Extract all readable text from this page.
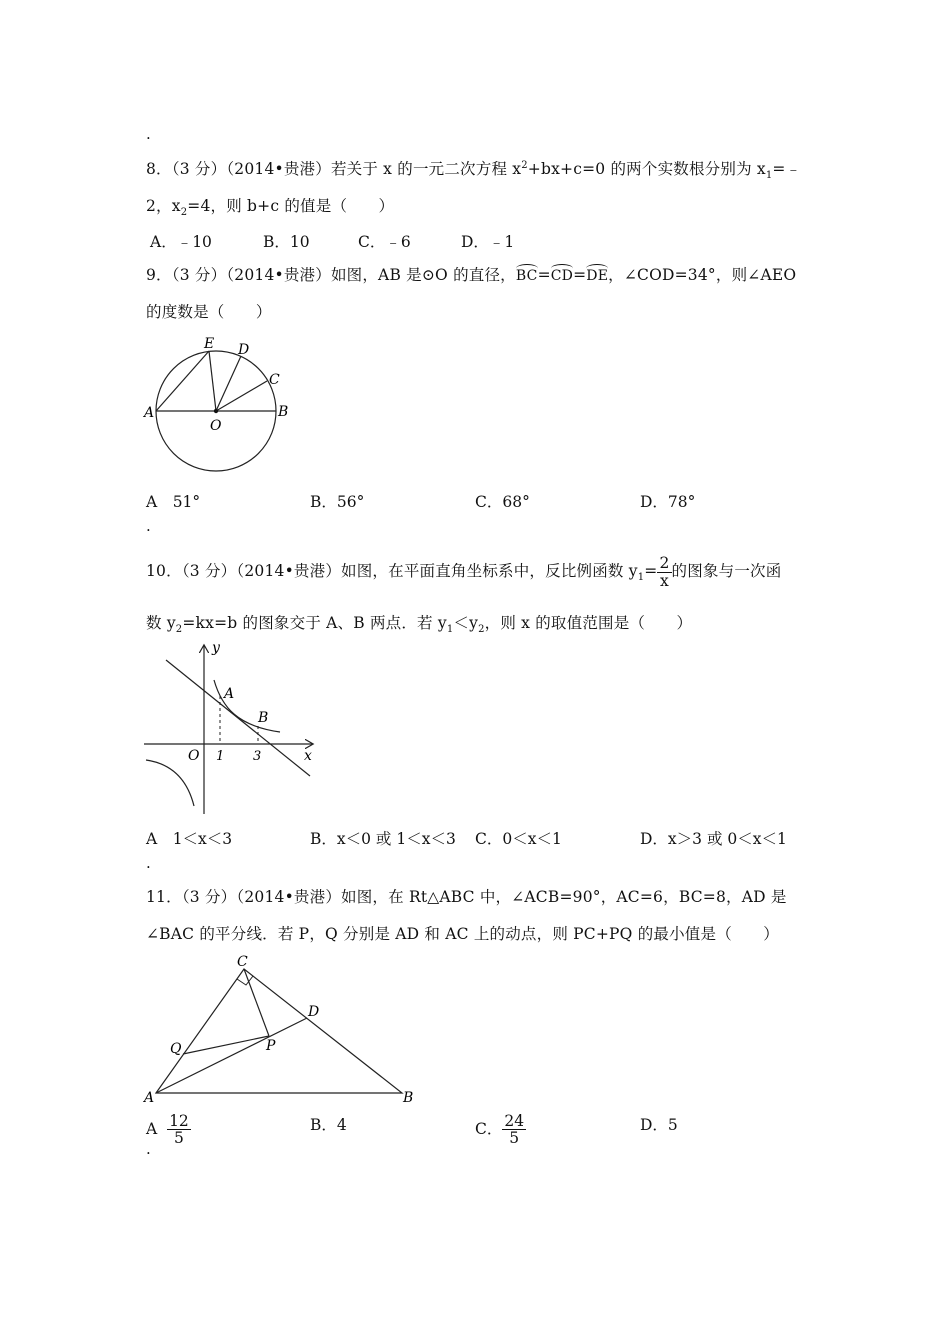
.
8．（3 分）（2014•贵港）若关于 x 的一元二次方程 $x^2+bx+c=0$ 的两个实数根分别为 $x_1=﹣$
2，$x_2=4$，则 b+c 的值是（　　）
A．﹣10	B．10	C．﹣6	D．﹣1
9．（3 分）（2014•贵港）如图，AB 是⊙O 的直径，BC=CD=DE，∠COD=34°，则∠AEO
的度数是（　　）
A	B
C
D
E
O
A　51°	B．56°	C．68°	D．78°
.
10．（3 分）（2014•贵港）如图，在平面直角坐标系中，反比例函数 $y_1= \frac{2}{x}$ 的图象与一次函
数 $y_2=kx=b$ 的图象交于 A、B 两点．若 $y_1<y_2$，则 x 的取值范围是（　　）
y
x
O 1 3
A
B
A　1＜x＜3	B．x＜0 或 1＜x＜3 C．0＜x＜1	D．x＞3 或 0＜x＜1
.
11．（3 分）（2014•贵港）如图，在 Rt△ABC 中，∠ACB=90°，AC=6，BC=8，AD 是
∠BAC 的平分线．若 P，Q 分别是 AD 和 AC 上的动点，则 PC+PQ 的最小值是（　　）
A	B
C
D
P
Q
A $\frac{12}{5}$	B．4	C． $\frac{24}{5}$	D．5
.
